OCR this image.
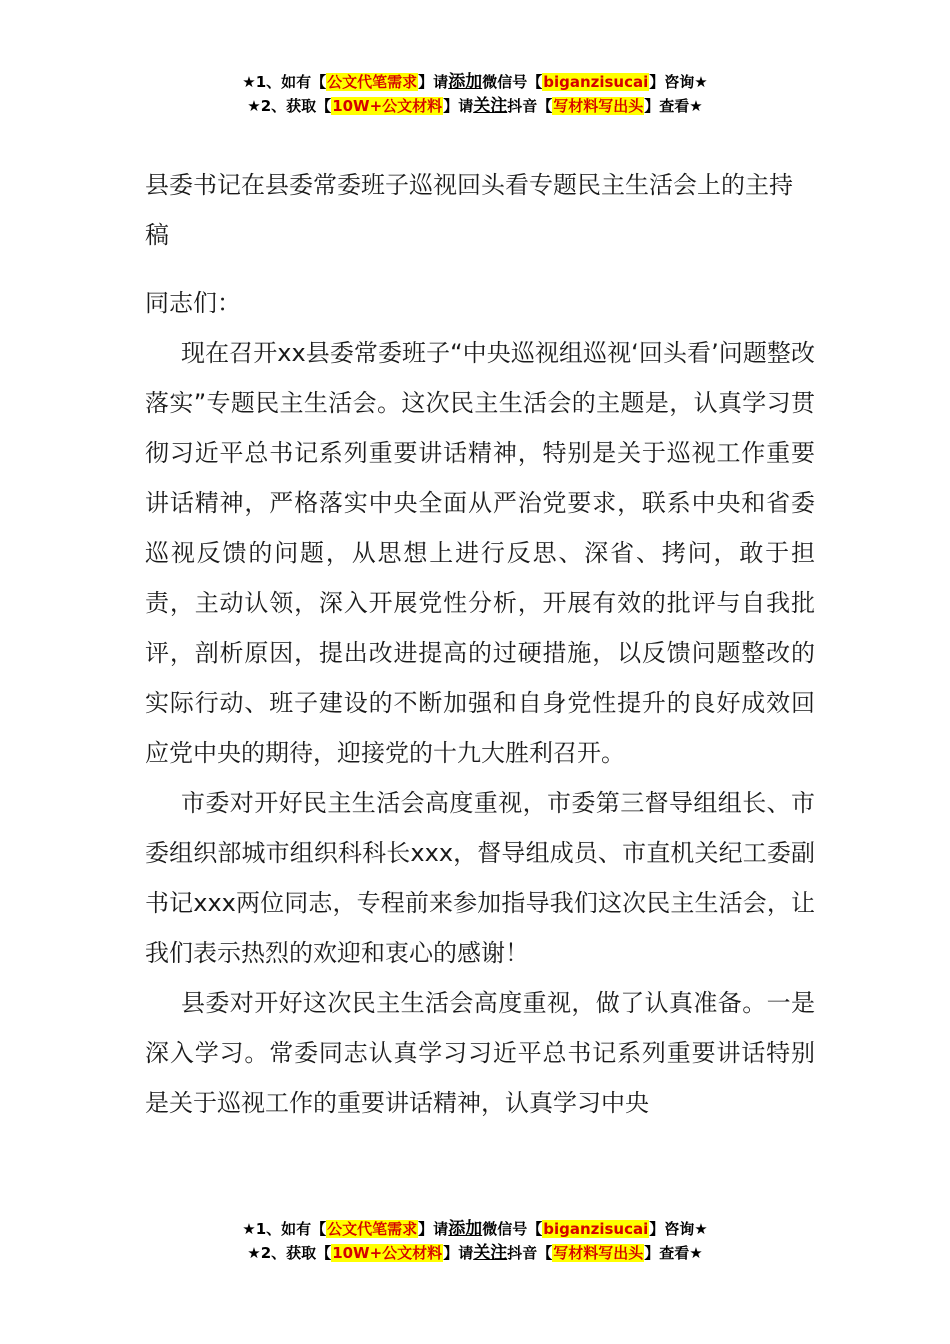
★1、如有【公文代笔需求】请添加微信号【biganzisucai】咨询★
★2、获取【10W+公文材料】请关注抖音【写材料写出头】查看★
县委书记在县委常委班子巡视回头看专题民主生活会上的主持稿

同志们：

现在召开xx县委常委班子“中央巡视组巡视‘回头看’问题整改落实”专题民主生活会。这次民主生活会的主题是，认真学习贯彻习近平总书记系列重要讲话精神，特别是关于巡视工作重要讲话精神，严格落实中央全面从严治党要求，联系中央和省委巡视反馈的问题，从思想上进行反思、深省、拷问，敢于担责，主动认领，深入开展党性分析，开展有效的批评与自我批评，剖析原因，提出改进提高的过硬措施，以反馈问题整改的实际行动、班子建设的不断加强和自身党性提升的良好成效回应党中央的期待，迎接党的十九大胜利召开。

市委对开好民主生活会高度重视，市委第三督导组组长、市委组织部城市组织科科长xxx，督导组成员、市直机关纪工委副书记xxx两位同志，专程前来参加指导我们这次民主生活会，让我们表示热烈的欢迎和衷心的感谢！

县委对开好这次民主生活会高度重视，做了认真准备。一是深入学习。常委同志认真学习习近平总书记系列重要讲话特别是关于巡视工作的重要讲话精神，认真学习中央

★1、如有【公文代笔需求】请添加微信号【biganzisucai】咨询★
★2、获取【10W+公文材料】请关注抖音【写材料写出头】查看★
